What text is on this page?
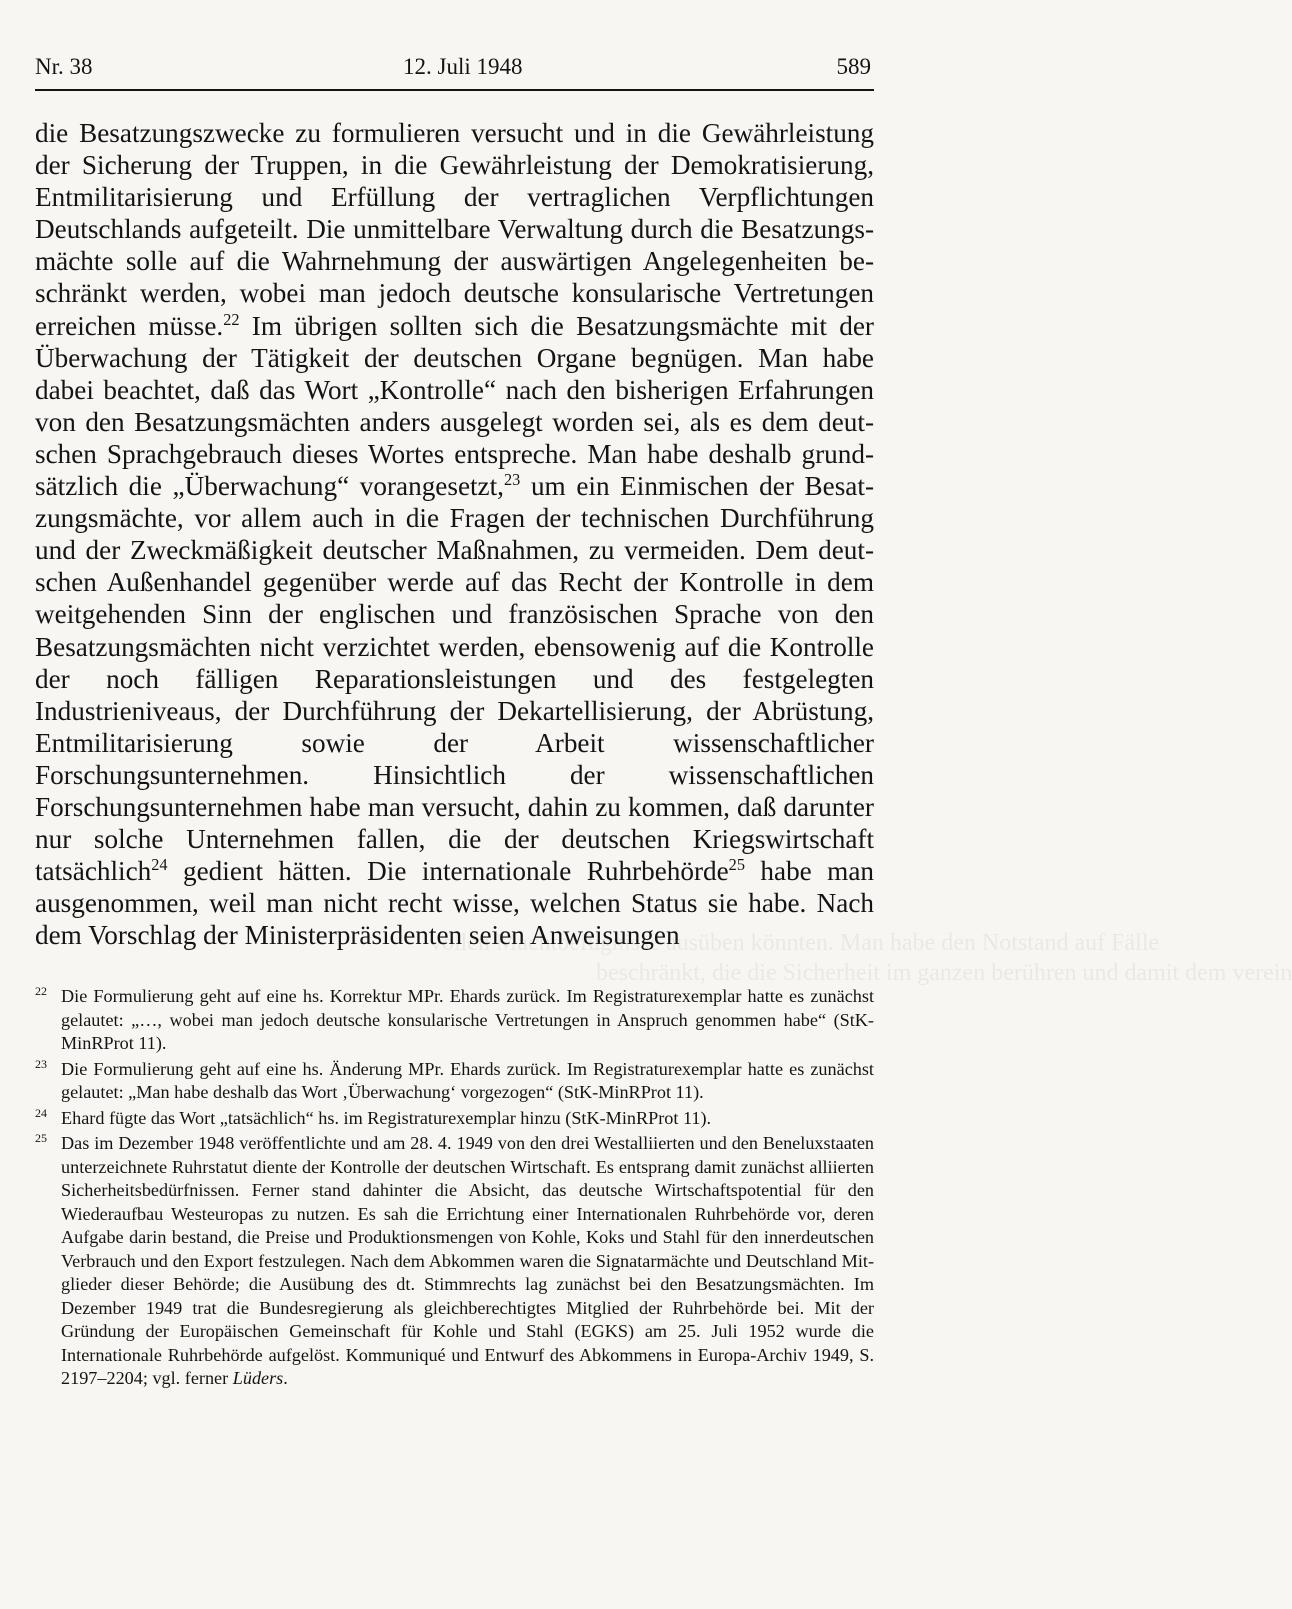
vollen Machtbefugnisse ausüben könnten. Man habe den Notstand auf Fälle
beschränkt, die die Sicherheit im ganzen berühren und damit dem verein
Nr. 38	12. Juli 1948	589

die Besatzungszwecke zu formulieren versucht und in die Gewährleistung der Sicherung der Truppen, in die Gewährleistung der Demokratisierung, Entmilitarisierung und Erfüllung der vertraglichen Verpflichtungen Deutschlands aufgeteilt. Die unmittelbare Verwaltung durch die Besatzungsmächte solle auf die Wahrnehmung der auswärtigen Angelegenheiten beschränkt werden, wobei man jedoch deutsche konsularische Vertretungen erreichen müsse.$^{22}$ Im übrigen sollten sich die Besatzungsmächte mit der Überwachung der Tätigkeit der deutschen Organe begnügen. Man habe dabei beachtet, daß das Wort „Kontrolle“ nach den bisherigen Erfahrungen von den Besatzungsmächten anders ausgelegt worden sei, als es dem deutschen Sprachgebrauch dieses Wortes entspreche. Man habe deshalb grundsätzlich die „Überwachung“ vorangesetzt,$^{23}$ um ein Einmischen der Besatzungsmächte, vor allem auch in die Fragen der technischen Durchführung und der Zweckmäßigkeit deutscher Maßnahmen, zu vermeiden. Dem deutschen Außenhandel gegenüber werde auf das Recht der Kontrolle in dem weitgehenden Sinn der englischen und französischen Sprache von den Besatzungsmächten nicht verzichtet werden, ebensowenig auf die Kontrolle der noch fälligen Reparationsleistungen und des festgelegten Industrieniveaus, der Durchführung der Dekartellisierung, der Abrüstung, Entmilitarisierung sowie der Arbeit wissenschaftlicher Forschungsunternehmen. Hinsichtlich der wissenschaftlichen Forschungsunternehmen habe man versucht, dahin zu kommen, daß darunter nur solche Unternehmen fallen, die der deutschen Kriegswirtschaft tatsächlich$^{24}$ gedient hätten. Die internationale Ruhrbehörde$^{25}$ habe man ausgenommen, weil man nicht recht wisse, welchen Status sie habe. Nach dem Vorschlag der Ministerpräsidenten seien Anweisungen

22 Die Formulierung geht auf eine hs. Korrektur MPr. Ehards zurück. Im Registraturexemplar hatte es zunächst gelautet: „…, wobei man jedoch deutsche konsularische Vertretungen in Anspruch genommen habe“ (StK-MinRProt 11).

23 Die Formulierung geht auf eine hs. Änderung MPr. Ehards zurück. Im Registraturexemplar hatte es zunächst gelautet: „Man habe deshalb das Wort ‚Überwachung‘ vorgezogen“ (StK-MinRProt 11).

24 Ehard fügte das Wort „tatsächlich“ hs. im Registraturexemplar hinzu (StK-MinRProt 11).

25 Das im Dezember 1948 veröffentlichte und am 28. 4. 1949 von den drei Westalliierten und den Beneluxstaaten unterzeichnete Ruhrstatut diente der Kontrolle der deutschen Wirtschaft. Es entsprang damit zunächst alliierten Sicherheitsbedürfnissen. Ferner stand dahinter die Absicht, das deutsche Wirtschaftspotential für den Wiederaufbau Westeuropas zu nutzen. Es sah die Errichtung einer Internationalen Ruhrbehörde vor, deren Aufgabe darin bestand, die Preise und Produktionsmengen von Kohle, Koks und Stahl für den innerdeutschen Verbrauch und den Export festzulegen. Nach dem Abkommen waren die Signatarmächte und Deutschland Mitglieder dieser Behörde; die Ausübung des dt. Stimmrechts lag zunächst bei den Besatzungsmächten. Im Dezember 1949 trat die Bundesregierung als gleichberechtigtes Mitglied der Ruhrbehörde bei. Mit der Gründung der Europäischen Gemeinschaft für Kohle und Stahl (EGKS) am 25. Juli 1952 wurde die Internationale Ruhrbehörde aufgelöst. Kommuniqué und Entwurf des Abkommens in Europa-Archiv 1949, S. 2197–2204; vgl. ferner Lüders.
